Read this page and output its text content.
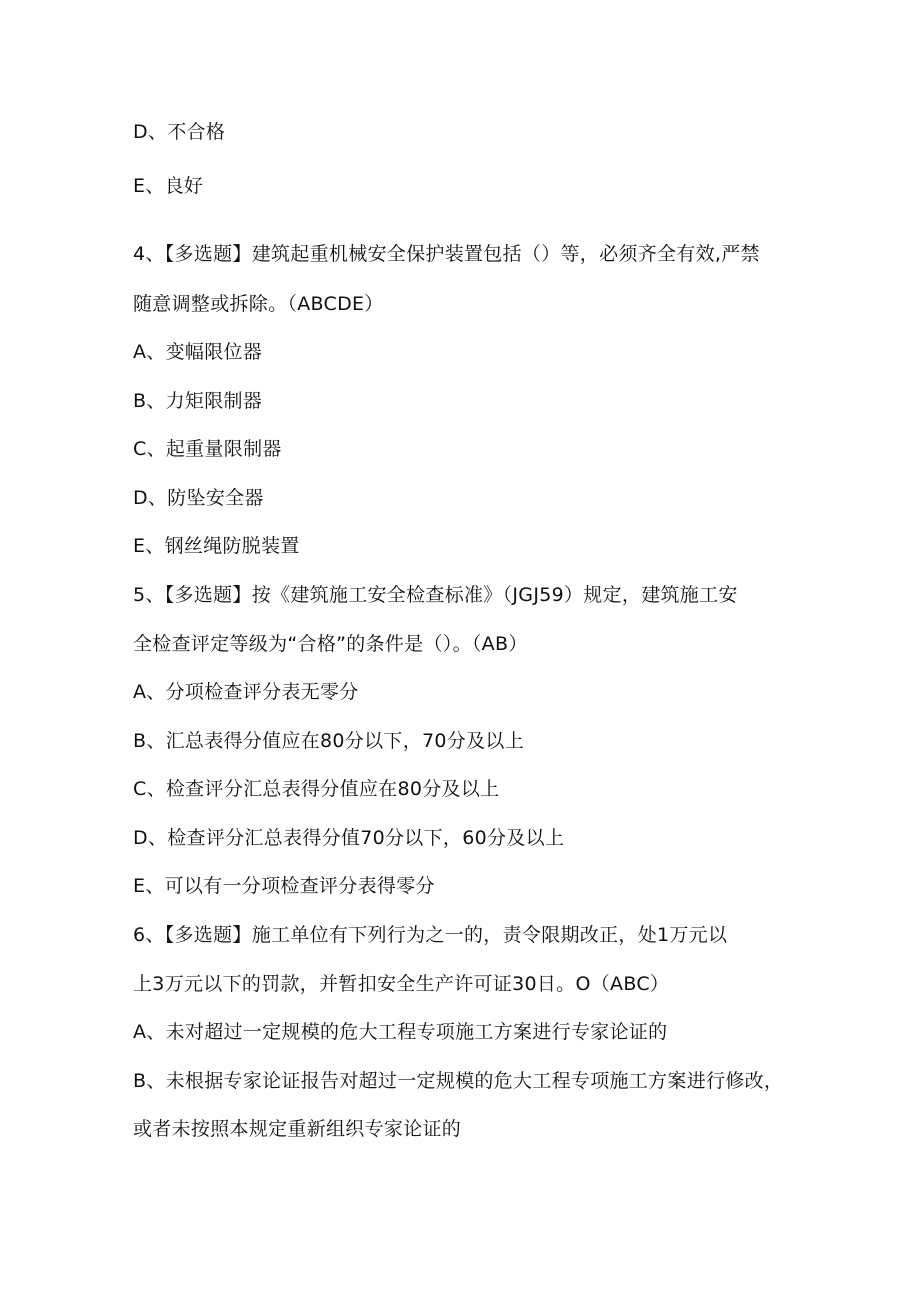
D、不合格
E、良好
4、【多选题】建筑起重机械安全保护装置包括（）等，必须齐全有效,严禁
随意调整或拆除。（ABCDE）
A、变幅限位器
B、力矩限制器
C、起重量限制器
D、防坠安全器
E、钢丝绳防脱装置
5、【多选题】按《建筑施工安全检查标准》（JGJ59）规定，建筑施工安
全检查评定等级为“合格”的条件是（）。（AB）
A、分项检查评分表无零分
B、汇总表得分值应在80分以下，70分及以上
C、检查评分汇总表得分值应在80分及以上
D、检查评分汇总表得分值70分以下，60分及以上
E、可以有一分项检查评分表得零分
6、【多选题】施工单位有下列行为之一的，责令限期改正，处1万元以
上3万元以下的罚款，并暂扣安全生产许可证30日。O（ABC）
A、未对超过一定规模的危大工程专项施工方案进行专家论证的
B、未根据专家论证报告对超过一定规模的危大工程专项施工方案进行修改，
或者未按照本规定重新组织专家论证的
